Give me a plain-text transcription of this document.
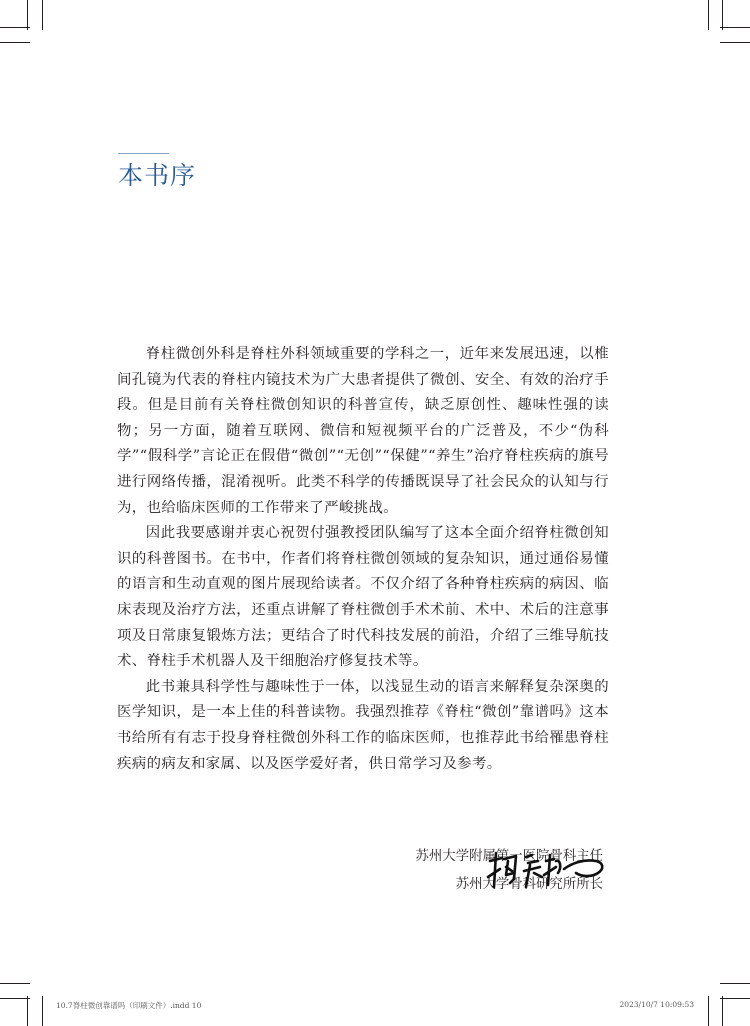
本书序

脊柱微创外科是脊柱外科领域重要的学科之一，近年来发展迅速，以椎间孔镜为代表的脊柱内镜技术为广大患者提供了微创、安全、有效的治疗手段。但是目前有关脊柱微创知识的科普宣传，缺乏原创性、趣味性强的读物；另一方面，随着互联网、微信和短视频平台的广泛普及，不少“伪科学”“假科学”言论正在假借“微创”“无创”“保健”“养生”治疗脊柱疾病的旗号进行网络传播，混淆视听。此类不科学的传播既误导了社会民众的认知与行为，也给临床医师的工作带来了严峻挑战。

因此我要感谢并衷心祝贺付强教授团队编写了这本全面介绍脊柱微创知识的科普图书。在书中，作者们将脊柱微创领域的复杂知识，通过通俗易懂的语言和生动直观的图片展现给读者。不仅介绍了各种脊柱疾病的病因、临床表现及治疗方法，还重点讲解了脊柱微创手术术前、术中、术后的注意事项及日常康复锻炼方法；更结合了时代科技发展的前沿，介绍了三维导航技术、脊柱手术机器人及干细胞治疗修复技术等。

此书兼具科学性与趣味性于一体，以浅显生动的语言来解释复杂深奥的医学知识，是一本上佳的科普读物。我强烈推荐《脊柱“微创”靠谱吗》这本书给所有有志于投身脊柱微创外科工作的临床医师，也推荐此书给罹患脊柱疾病的病友和家属、以及医学爱好者，供日常学习及参考。

苏州大学附属第一医院骨科主任
苏州大学骨科研究所所长
10.7脊柱微创靠谱吗（印刷文件）.indd 10	2023/10/7 10:09:53
